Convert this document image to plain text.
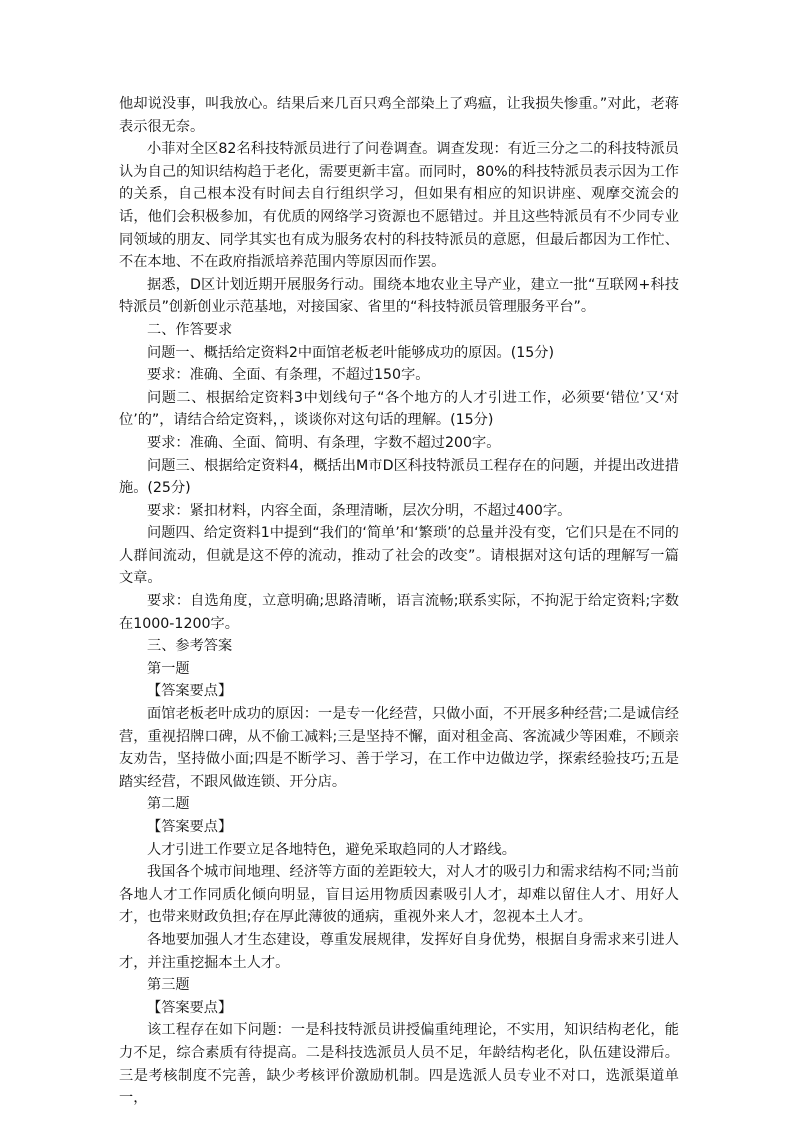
他却说没事，叫我放心。结果后来几百只鸡全部染上了鸡瘟，让我损失惨重。”对此，老蒋表示很无奈。

小菲对全区82名科技特派员进行了问卷调查。调查发现：有近三分之二的科技特派员认为自己的知识结构趋于老化，需要更新丰富。而同时，80%的科技特派员表示因为工作的关系，自己根本没有时间去自行组织学习，但如果有相应的知识讲座、观摩交流会的话，他们会积极参加，有优质的网络学习资源也不愿错过。并且这些特派员有不少同专业同领域的朋友、同学其实也有成为服务农村的科技特派员的意愿，但最后都因为工作忙、不在本地、不在政府指派培养范围内等原因而作罢。

据悉，D区计划近期开展服务行动。围绕本地农业主导产业，建立一批“互联网+科技特派员”创新创业示范基地，对接国家、省里的“科技特派员管理服务平台”。

二、作答要求

问题一、概括给定资料2中面馆老板老叶能够成功的原因。(15分)

要求：准确、全面、有条理，不超过150字。

问题二、根据给定资料3中划线句子“各个地方的人才引进工作，必须要‘错位’又‘对位’的”，请结合给定资料，，谈谈你对这句话的理解。(15分)

要求：准确、全面、简明、有条理，字数不超过200字。

问题三、根据给定资料4，概括出M市D区科技特派员工程存在的问题，并提出改进措施。(25分)

要求：紧扣材料，内容全面，条理清晰，层次分明，不超过400字。

问题四、给定资料1中提到“我们的‘简单’和‘繁琐’的总量并没有变，它们只是在不同的人群间流动，但就是这不停的流动，推动了社会的改变”。请根据对这句话的理解写一篇文章。

要求：自选角度，立意明确;思路清晰，语言流畅;联系实际，不拘泥于给定资料;字数在1000-1200字。

三、参考答案

第一题

【答案要点】

面馆老板老叶成功的原因：一是专一化经营，只做小面，不开展多种经营;二是诚信经营，重视招牌口碑，从不偷工减料;三是坚持不懈，面对租金高、客流减少等困难，不顾亲友劝告，坚持做小面;四是不断学习、善于学习，在工作中边做边学，探索经验技巧;五是踏实经营，不跟风做连锁、开分店。

第二题

【答案要点】

人才引进工作要立足各地特色，避免采取趋同的人才路线。

我国各个城市间地理、经济等方面的差距较大，对人才的吸引力和需求结构不同;当前各地人才工作同质化倾向明显，盲目运用物质因素吸引人才，却难以留住人才、用好人才，也带来财政负担;存在厚此薄彼的通病，重视外来人才，忽视本土人才。

各地要加强人才生态建设，尊重发展规律，发挥好自身优势，根据自身需求来引进人才，并注重挖掘本土人才。

第三题

【答案要点】

该工程存在如下问题：一是科技特派员讲授偏重纯理论，不实用，知识结构老化，能力不足，综合素质有待提高。二是科技选派员人员不足，年龄结构老化，队伍建设滞后。三是考核制度不完善，缺少考核评价激励机制。四是选派人员专业不对口，选派渠道单一，
